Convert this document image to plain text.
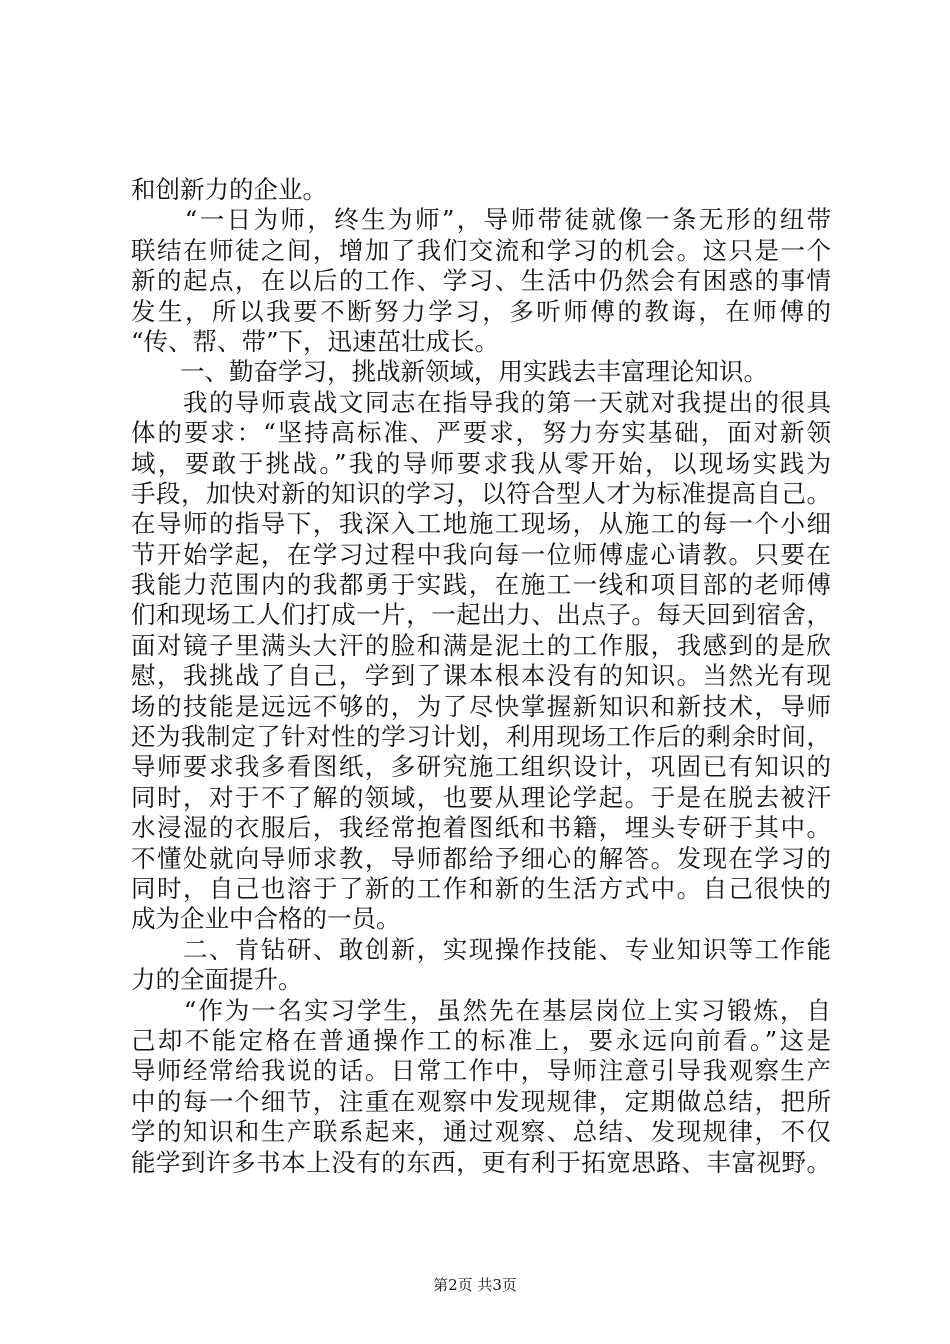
和创新力的企业。
　　“一日为师，终生为师”，导师带徒就像一条无形的纽带
联结在师徒之间，增加了我们交流和学习的机会。这只是一个
新的起点，在以后的工作、学习、生活中仍然会有困惑的事情
发生，所以我要不断努力学习，多听师傅的教诲，在师傅的
“传、帮、带”下，迅速茁壮成长。
　　一、勤奋学习，挑战新领域，用实践去丰富理论知识。
　　我的导师袁战文同志在指导我的第一天就对我提出的很具
体的要求：“坚持高标准、严要求，努力夯实基础，面对新领
域，要敢于挑战。”我的导师要求我从零开始，以现场实践为
手段，加快对新的知识的学习，以符合型人才为标准提高自己。
在导师的指导下，我深入工地施工现场，从施工的每一个小细
节开始学起，在学习过程中我向每一位师傅虚心请教。只要在
我能力范围内的我都勇于实践，在施工一线和项目部的老师傅
们和现场工人们打成一片，一起出力、出点子。每天回到宿舍，
面对镜子里满头大汗的脸和满是泥土的工作服，我感到的是欣
慰，我挑战了自己，学到了课本根本没有的知识。当然光有现
场的技能是远远不够的，为了尽快掌握新知识和新技术，导师
还为我制定了针对性的学习计划，利用现场工作后的剩余时间，
导师要求我多看图纸，多研究施工组织设计，巩固已有知识的
同时，对于不了解的领域，也要从理论学起。于是在脱去被汗
水浸湿的衣服后，我经常抱着图纸和书籍，埋头专研于其中。
不懂处就向导师求教，导师都给予细心的解答。发现在学习的
同时，自己也溶于了新的工作和新的生活方式中。自己很快的
成为企业中合格的一员。
　　二、肯钻研、敢创新，实现操作技能、专业知识等工作能
力的全面提升。
　　“作为一名实习学生，虽然先在基层岗位上实习锻炼，自
己却不能定格在普通操作工的标准上，要永远向前看。”这是
导师经常给我说的话。日常工作中，导师注意引导我观察生产
中的每一个细节，注重在观察中发现规律，定期做总结，把所
学的知识和生产联系起来，通过观察、总结、发现规律，不仅
能学到许多书本上没有的东西，更有利于拓宽思路、丰富视野。
第2页 共3页
